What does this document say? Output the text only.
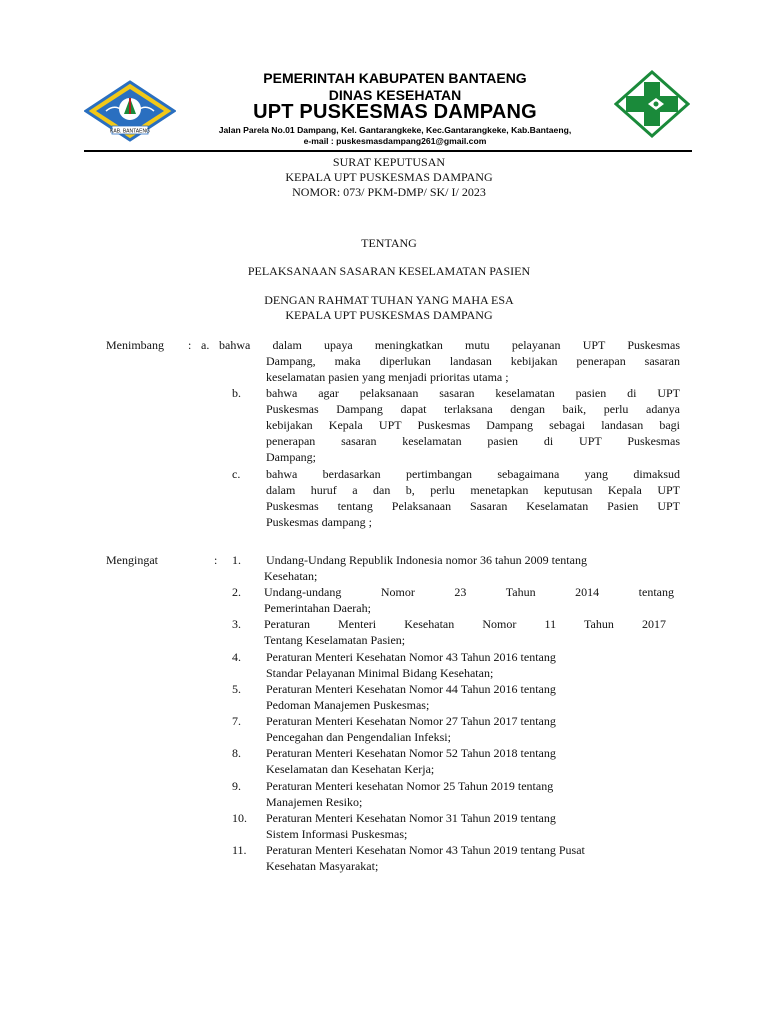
KAB. BANTAENG
PEMERINTAH KABUPATEN BANTAENG
DINAS KESEHATAN
UPT PUSKESMAS DAMPANG
Jalan Parela No.01 Dampang, Kel. Gantarangkeke, Kec.Gantarangkeke, Kab.Bantaeng,
e-mail : puskesmasdampang261@gmail.com
SURAT KEPUTUSAN
KEPALA UPT PUSKESMAS DAMPANG
NOMOR: 073/ PKM-DMP/ SK/ I/ 2023
TENTANG
PELAKSANAAN SASARAN KESELAMATAN PASIEN
DENGAN RAHMAT TUHAN YANG MAHA ESA
KEPALA UPT PUSKESMAS DAMPANG
Menimbang : a. bahwa dalam upaya meningkatkan mutu pelayanan UPT Puskesmas
Dampang, maka diperlukan landasan kebijakan penerapan sasaran
keselamatan pasien yang menjadi prioritas utama ;
b. bahwa agar pelaksanaan sasaran keselamatan pasien di UPT
Puskesmas Dampang dapat terlaksana dengan baik, perlu adanya
kebijakan Kepala UPT Puskesmas Dampang sebagai landasan bagi
penerapan sasaran keselamatan pasien di UPT Puskesmas
Dampang;
c. bahwa berdasarkan pertimbangan sebagaimana yang dimaksud
dalam huruf a dan b, perlu menetapkan keputusan Kepala UPT
Puskesmas tentang Pelaksanaan Sasaran Keselamatan Pasien UPT
Puskesmas dampang ;
Mengingat	: 1. Undang-Undang Republik Indonesia nomor 36 tahun 2009 tentang
Kesehatan;
2. Undang-undang Nomor 23 Tahun 2014 tentang
Pemerintahan Daerah;
3. Peraturan Menteri Kesehatan Nomor 11 Tahun 2017
Tentang Keselamatan Pasien;
4. Peraturan Menteri Kesehatan Nomor 43 Tahun 2016 tentang
Standar Pelayanan Minimal Bidang Kesehatan;
5. Peraturan Menteri Kesehatan Nomor 44 Tahun 2016 tentang
Pedoman Manajemen Puskesmas;
7. Peraturan Menteri Kesehatan Nomor 27 Tahun 2017 tentang
Pencegahan dan Pengendalian Infeksi;
8. Peraturan Menteri Kesehatan Nomor 52 Tahun 2018 tentang
Keselamatan dan Kesehatan Kerja;
9. Peraturan Menteri kesehatan Nomor 25 Tahun 2019 tentang
Manajemen Resiko;
10. Peraturan Menteri Kesehatan Nomor 31 Tahun 2019 tentang
Sistem Informasi Puskesmas;
11. Peraturan Menteri Kesehatan Nomor 43 Tahun 2019 tentang Pusat
Kesehatan Masyarakat;
